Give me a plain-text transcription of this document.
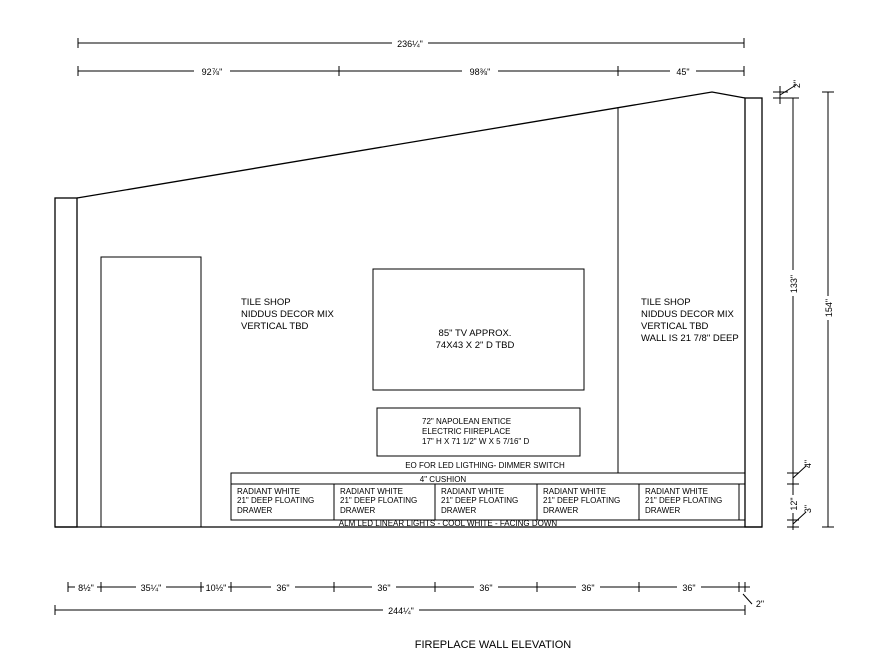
236¼"
92⅞"	98⅜"	45"
TILE SHOP
NIDDUS DECOR MIX
VERTICAL TBD
TILE SHOP
NIDDUS DECOR MIX
VERTICAL TBD
WALL IS 21 7/8" DEEP
85" TV APPROX.
74X43 X 2" D TBD
72" NAPOLEAN ENTICE
ELECTRIC FIIREPLACE
17" H X 71 1/2" W X 5 7/16" D
EO FOR LED LIGTHING- DIMMER SWITCH
4" CUSHION
RADIANT WHITE
21" DEEP FLOATING
DRAWER
RADIANT WHITE
21" DEEP FLOATING
DRAWER
RADIANT WHITE
21" DEEP FLOATING
DRAWER
RADIANT WHITE
21" DEEP FLOATING
DRAWER
RADIANT WHITE
21" DEEP FLOATING
DRAWER
ALM LED LINEAR LIGHTS - COOL WHITE - FACING DOWN
2"
133"
4"
12" 3"
154"
8½"	35¼"	10½"	36"	36"	36"	36"	36"
244¼"
2"
FIREPLACE WALL ELEVATION
